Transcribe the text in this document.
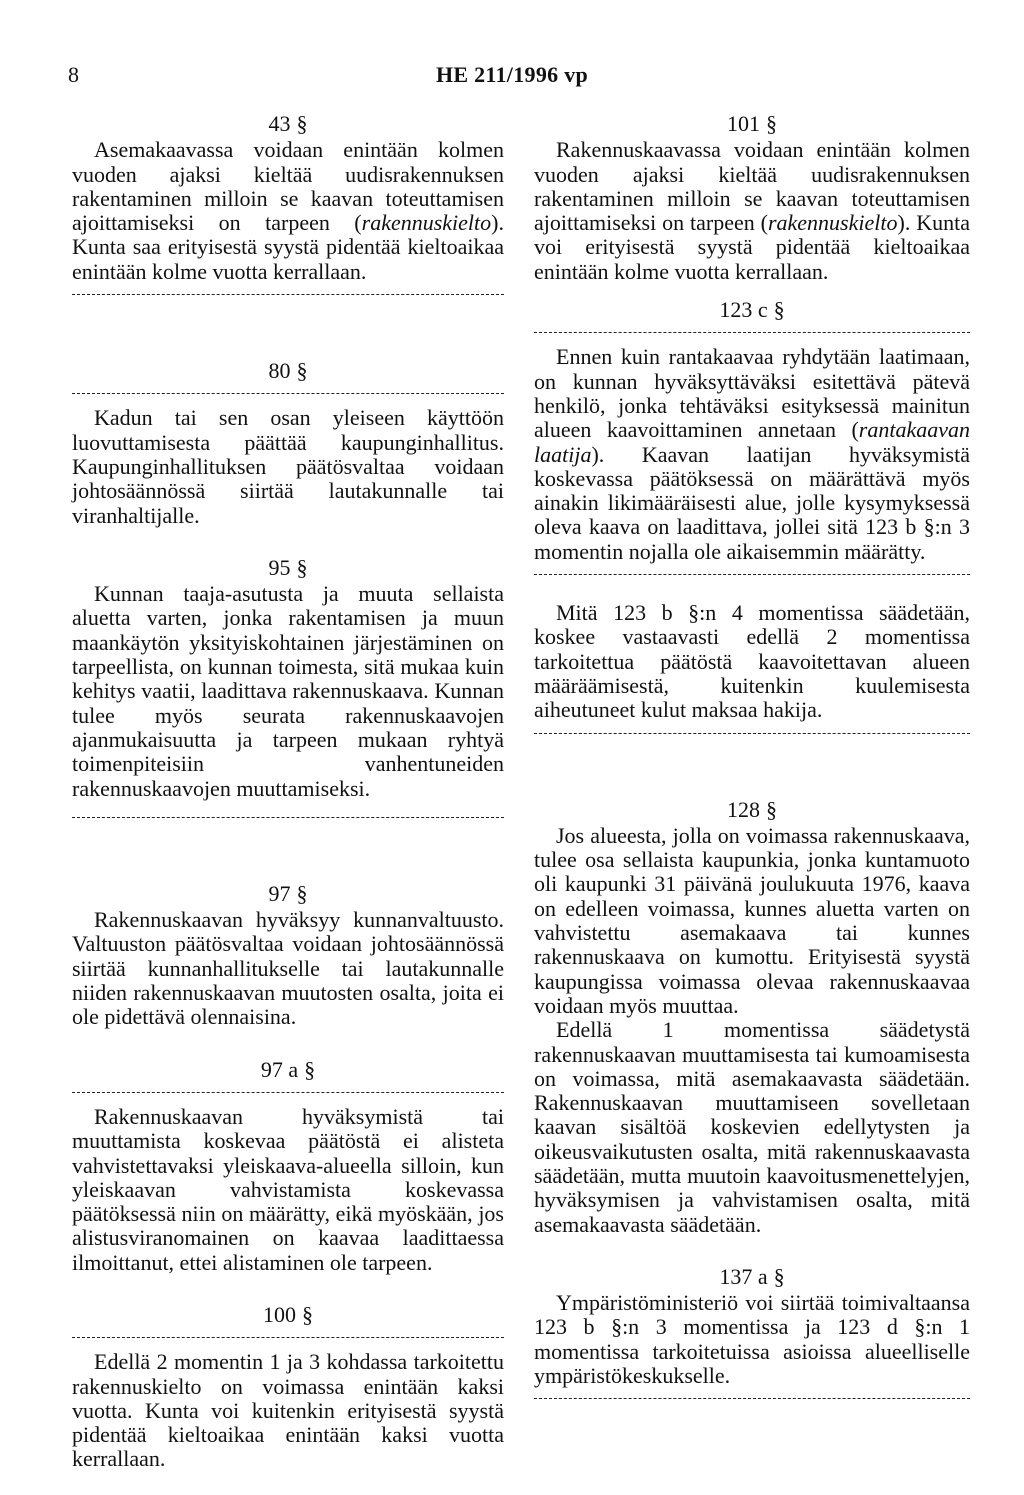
8	HE 211/1996 vp
43 §

Asemakaavassa voidaan enintään kolmen vuoden ajaksi kieltää uudisrakennuksen rakentaminen milloin se kaavan toteuttamisen ajoittamiseksi on tarpeen (rakennuskielto). Kunta saa erityisestä syystä pidentää kieltoaikaa enintään kolme vuotta kerrallaan.

80 §

Kadun tai sen osan yleiseen käyttöön luovuttamisesta päättää kaupunginhallitus. Kaupunginhallituksen päätösvaltaa voidaan johtosäännössä siirtää lautakunnalle tai viranhaltijalle.

95 §

Kunnan taaja-asutusta ja muuta sellaista aluetta varten, jonka rakentamisen ja muun maankäytön yksityiskohtainen järjestäminen on tarpeellista, on kunnan toimesta, sitä mukaa kuin kehitys vaatii, laadittava rakennuskaava. Kunnan tulee myös seurata rakennuskaavojen ajanmukaisuutta ja tarpeen mukaan ryhtyä toimenpiteisiin vanhentuneiden rakennuskaavojen muuttamiseksi.

97 §

Rakennuskaavan hyväksyy kunnanvaltuusto. Valtuuston päätösvaltaa voidaan johtosäännössä siirtää kunnanhallitukselle tai lautakunnalle niiden rakennuskaavan muutosten osalta, joita ei ole pidettävä olennaisina.

97 a §

Rakennuskaavan hyväksymistä tai muuttamista koskevaa päätöstä ei alisteta vahvistettavaksi yleiskaava-alueella silloin, kun yleiskaavan vahvistamista koskevassa päätöksessä niin on määrätty, eikä myöskään, jos alistusviranomainen on kaavaa laadittaessa ilmoittanut, ettei alistaminen ole tarpeen.

100 §

Edellä 2 momentin 1 ja 3 kohdassa tarkoitettu rakennuskielto on voimassa enintään kaksi vuotta. Kunta voi kuitenkin erityisestä syystä pidentää kieltoaikaa enintään kaksi vuotta kerrallaan.

101 §

Rakennuskaavassa voidaan enintään kolmen vuoden ajaksi kieltää uudisrakennuksen rakentaminen milloin se kaavan toteuttamisen ajoittamiseksi on tarpeen (rakennuskielto). Kunta voi erityisestä syystä pidentää kieltoaikaa enintään kolme vuotta kerrallaan.

123 c §

Ennen kuin rantakaavaa ryhdytään laatimaan, on kunnan hyväksyttäväksi esitettävä pätevä henkilö, jonka tehtäväksi esityksessä mainitun alueen kaavoittaminen annetaan (rantakaavan laatija). Kaavan laatijan hyväksymistä koskevassa päätöksessä on määrättävä myös ainakin likimääräisesti alue, jolle kysymyksessä oleva kaava on laadittava, jollei sitä 123 b §:n 3 momentin nojalla ole aikaisemmin määrätty.

Mitä 123 b §:n 4 momentissa säädetään, koskee vastaavasti edellä 2 momentissa tarkoitettua päätöstä kaavoitettavan alueen määräämisestä, kuitenkin kuulemisesta aiheutuneet kulut maksaa hakija.

128 §

Jos alueesta, jolla on voimassa rakennuskaava, tulee osa sellaista kaupunkia, jonka kuntamuoto oli kaupunki 31 päivänä joulukuuta 1976, kaava on edelleen voimassa, kunnes aluetta varten on vahvistettu asemakaava tai kunnes rakennuskaava on kumottu. Erityisestä syystä kaupungissa voimassa olevaa rakennuskaavaa voidaan myös muuttaa.

Edellä 1 momentissa säädetystä rakennuskaavan muuttamisesta tai kumoamisesta on voimassa, mitä asemakaavasta säädetään. Rakennuskaavan muuttamiseen sovelletaan kaavan sisältöä koskevien edellytysten ja oikeusvaikutusten osalta, mitä rakennuskaavasta säädetään, mutta muutoin kaavoitusmenettelyjen, hyväksymisen ja vahvistamisen osalta, mitä asemakaavasta säädetään.

137 a §

Ympäristöministeriö voi siirtää toimivaltaansa 123 b §:n 3 momentissa ja 123 d §:n 1 momentissa tarkoitetuissa asioissa alueelliselle ympäristökeskukselle.
